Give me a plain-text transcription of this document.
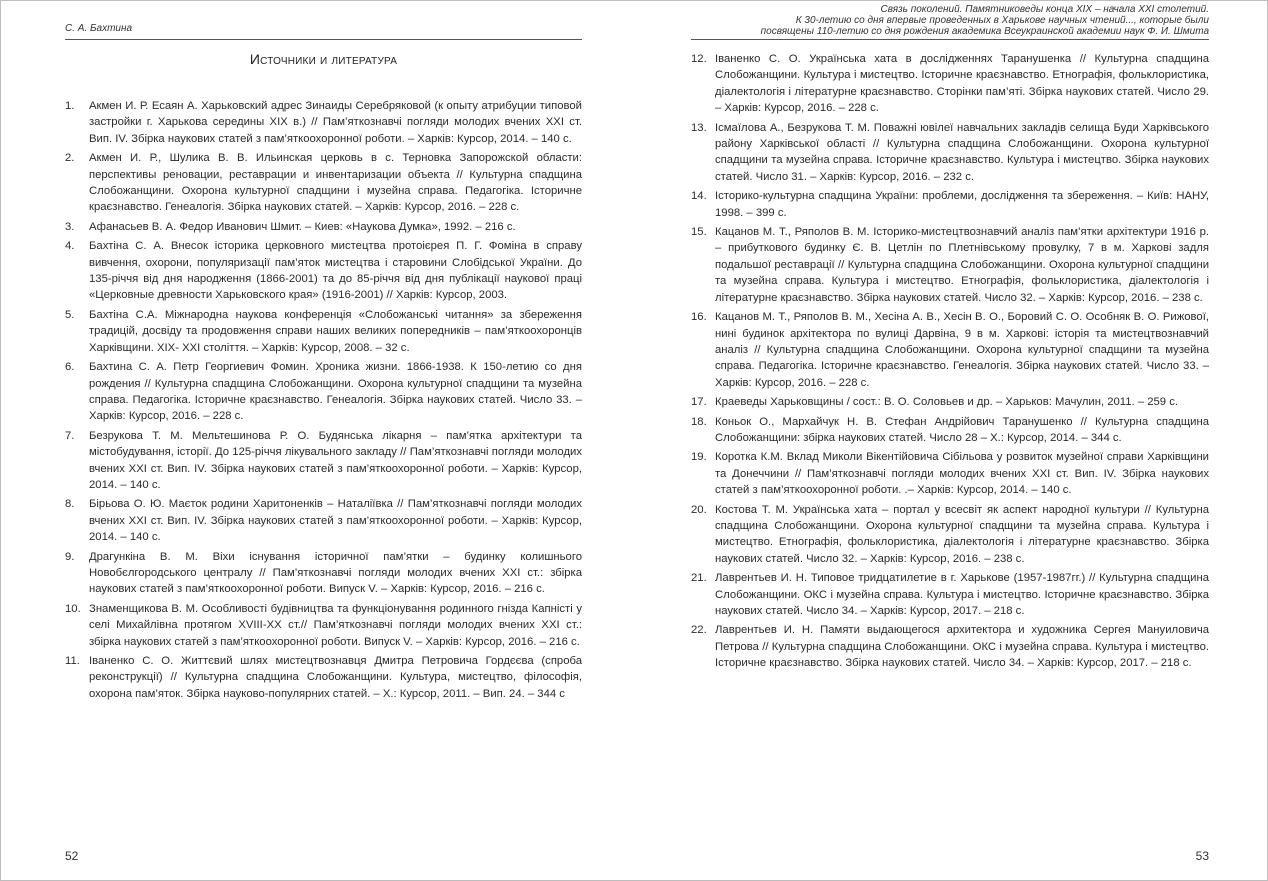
С. А. Бахтина
Источники и литература
1.	Акмен И. Р. Есаян А. Харьковский адрес Зинаиды Серебряковой (к опыту атрибуции типовой застройки г. Харькова середины XIX в.) // Пам’яткознавчі погляди молодих вчених XXI ст. Вип. IV. Збірка наукових статей з пам’яткоохоронної роботи. – Харків: Курсор, 2014. – 140 с.
2.	Акмен И. Р., Шулика В. В. Ильинская церковь в с. Терновка Запорожской области: перспективы реновации, реставрации и инвентаризации объекта // Культурна спадщина Слобожанщини. Охорона культурної спадщини і музейна справа. Педагогіка. Історичне краєзнавство. Генеалогія. Збірка наукових статей. – Харків: Курсор, 2016. – 228 с.
3.	Афанасьев В. А. Федор Иванович Шмит. – Киев: «Наукова Думка», 1992. – 216 с.
4.	Бахтіна С. А. Внесок історика церковного мистецтва протоієрея П. Г. Фоміна в справу вивчення, охорони, популяризації пам’яток мистецтва і старовини Слобідської України. До 135-річчя від дня народження (1866-2001) та до 85-річчя від дня публікації наукової праці «Церковные древности Харьковского края» (1916-2001) // Харків: Курсор, 2003.
5.	Бахтіна С.А. Міжнародна наукова конференція «Слобожанські читання» за збереження традицій, досвіду та продовження справи наших великих попередників – пам’яткоохоронців Харківщини. XIX- XXI століття. – Харків: Курсор, 2008. – 32 с.
6.	Бахтина С. А. Петр Георгиевич Фомин. Хроника жизни. 1866-1938. К 150-летию со дня рождения // Культурна спадщина Слобожанщини. Охорона культурної спадщини та музейна справа. Педагогіка. Історичне краєзнавство. Генеалогія. Збірка наукових статей. Число 33. – Харків: Курсор, 2016. – 228 с.
7.	Безрукова Т. М. Мельтешинова Р. О. Будянська лікарня – пам’ятка архітектури та містобудування, історії. До 125-річчя лікувального закладу // Пам’яткознавчі погляди молодих вчених XXI ст. Вип. IV. Збірка наукових статей з пам’яткоохоронної роботи. – Харків: Курсор, 2014. – 140 с.
8.	Бірьова О. Ю. Маєток родини Харитоненків – Наталіївка // Пам’яткознавчі погляди молодих вчених XXI ст. Вип. IV. Збірка наукових статей з пам’яткоохоронної роботи. – Харків: Курсор, 2014. – 140 с.
9.	Драгункіна В. М. Віхи існування історичної пам’ятки – будинку колишнього Новобєлгородського централу // Пам’яткознавчі погляди молодих вчених XXI ст.: збірка наукових статей з пам’яткоохоронної роботи. Випуск V. – Харків: Курсор, 2016. – 216 с.
10. Знаменщикова В. М. Особливості будівництва та функціонування родинного гнізда Капністі у селі Михайлівна протягом XVIII-XX ст.// Пам’яткознавчі погляди молодих вчених XXI ст.: збірка наукових статей з пам’яткоохоронної роботи. Випуск V. – Харків: Курсор, 2016. – 216 с.
11. Іваненко С. О. Життєвий шлях мистецтвознавця Дмитра Петровича Гордєєва (спроба реконструкції) // Культурна спадщина Слобожанщини. Культура, мистецтво, філософія, охорона пам’яток. Збірка науково-популярних статей. – Х.: Курсор, 2011. – Вип. 24. – 344 с
52
Связь поколений. Памятниковеды конца XIX – начала XXI столетий.
К 30-летию со дня впервые проведенных в Харькове научных чтений..., которые были
посвящены 110-летию со дня рождения академика Всеукраинской академии наук Ф. И. Шмита
12. Іваненко С. О. Українська хата в дослідженнях Таранушенка // Культурна спадщина Слобожанщини. Культура і мистецтво. Історичне краєзнавство. Етнографія, фольклористика, діалектологія і літературне краєзнавство. Сторінки пам’яті. Збірка наукових статей. Число 29. – Харків: Курсор, 2016. – 228 с.
13. Ісмаїлова А., Безрукова Т. М. Поважні ювілеї навчальних закладів селища Буди Харківського району Харківської області // Культурна спадщина Слобожанщини. Охорона культурної спадщини та музейна справа. Історичне краєзнавство. Культура і мистецтво. Збірка наукових статей. Число 31. – Харків: Курсор, 2016. – 232 с.
14. Історико-культурна спадщина України: проблеми, дослідження та збереження. – Київ: НАНУ, 1998. – 399 с.
15. Кацанов М. Т., Ряполов В. М. Історико-мистецтвознавчий аналіз пам’ятки архітектури 1916 р. – прибуткового будинку Є. В. Цетлін по Плетнівському провулку, 7 в м. Харкові задля подальшої реставрації // Культурна спадщина Слобожанщини. Охорона культурної спадщини та музейна справа. Культура і мистецтво. Етнографія, фольклористика, діалектологія і літературне краєзнавство. Збірка наукових статей. Число 32. – Харків: Курсор, 2016. – 238 с.
16. Кацанов М. Т., Ряполов В. М., Хесіна А. В., Хесін В. О., Боровий С. О. Особняк В. О. Рижової, нині будинок архітектора по вулиці Дарвіна, 9 в м. Харкові: історія та мистецтвознавчий аналіз // Культурна спадщина Слобожанщини. Охорона культурної спадщини та музейна справа. Педагогіка. Історичне краєзнавство. Генеалогія. Збірка наукових статей. Число 33. – Харків: Курсор, 2016. – 228 с.
17. Краеведы Харьковщины / сост.: В. О. Соловьев и др. – Харьков: Мачулин, 2011. – 259 с.
18. Коньок О., Мархайчук Н. В. Стефан Андрійович Таранушенко // Культурна спадщина Слобожанщини: збірка наукових статей. Число 28 – Х.: Курсор, 2014. – 344 с.
19. Коротка К.М. Вклад Миколи Вікентійовича Сібільова у розвиток музейної справи Харківщини та Донеччини // Пам’яткознавчі погляди молодих вчених XXI ст. Вип. IV. Збірка наукових статей з пам’яткоохоронної роботи. .– Харків: Курсор, 2014. – 140 с.
20. Костова Т. М. Українська хата – портал у всесвіт як аспект народної культури // Культурна спадщина Слобожанщини. Охорона культурної спадщини та музейна справа. Культура і мистецтво. Етнографія, фольклористика, діалектологія і літературне краєзнавство. Збірка наукових статей. Число 32. – Харків: Курсор, 2016. – 238 с.
21. Лаврентьев И. Н. Типовое тридцатилетие в г. Харькове (1957-1987гг.) // Культурна спадщина Слобожанщини. ОКС і музейна справа. Культура і мистецтво. Історичне краєзнавство. Збірка наукових статей. Число 34. – Харків: Курсор, 2017. – 218 с.
22. Лаврентьев И. Н. Памяти выдающегося архитектора и художника Сергея Мануиловича Петрова // Культурна спадщина Слобожанщини. ОКС і музейна справа. Культура і мистецтво. Історичне краєзнавство. Збірка наукових статей. Число 34. – Харків: Курсор, 2017. – 218 с.
53
